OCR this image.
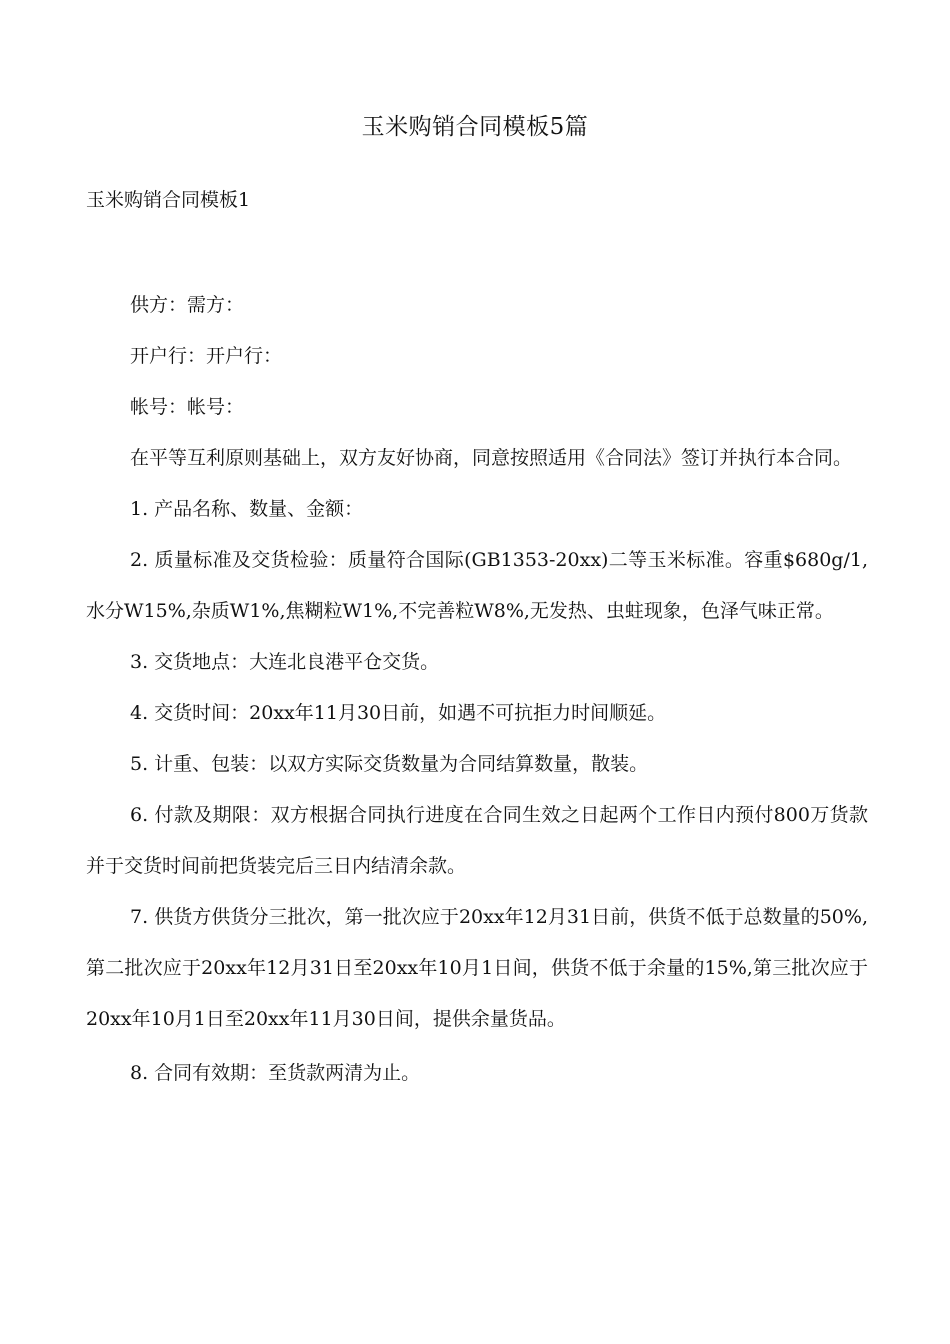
玉米购销合同模板5篇
玉米购销合同模板1

供方：需方：

开户行：开户行：

帐号：帐号：

在平等互利原则基础上，双方友好协商，同意按照适用《合同法》签订并执行本合同。

1. 产品名称、数量、金额：

2. 质量标准及交货检验：质量符合国际(GB1353-20xx)二等玉米标准。容重$680g/1,水分W15%,杂质W1%,焦糊粒W1%,不完善粒W8%,无发热、虫蛀现象，色泽气味正常。

3. 交货地点：大连北良港平仓交货。

4. 交货时间：20xx年11月30日前，如遇不可抗拒力时间顺延。

5. 计重、包装：以双方实际交货数量为合同结算数量，散装。

6. 付款及期限：双方根据合同执行进度在合同生效之日起两个工作日内预付800万货款并于交货时间前把货装完后三日内结清余款。

7. 供货方供货分三批次，第一批次应于20xx年12月31日前，供货不低于总数量的50%,第二批次应于20xx年12月31日至20xx年10月1日间，供货不低于余量的15%,第三批次应于20xx年10月1日至20xx年11月30日间，提供余量货品。

8. 合同有效期：至货款两清为止。
